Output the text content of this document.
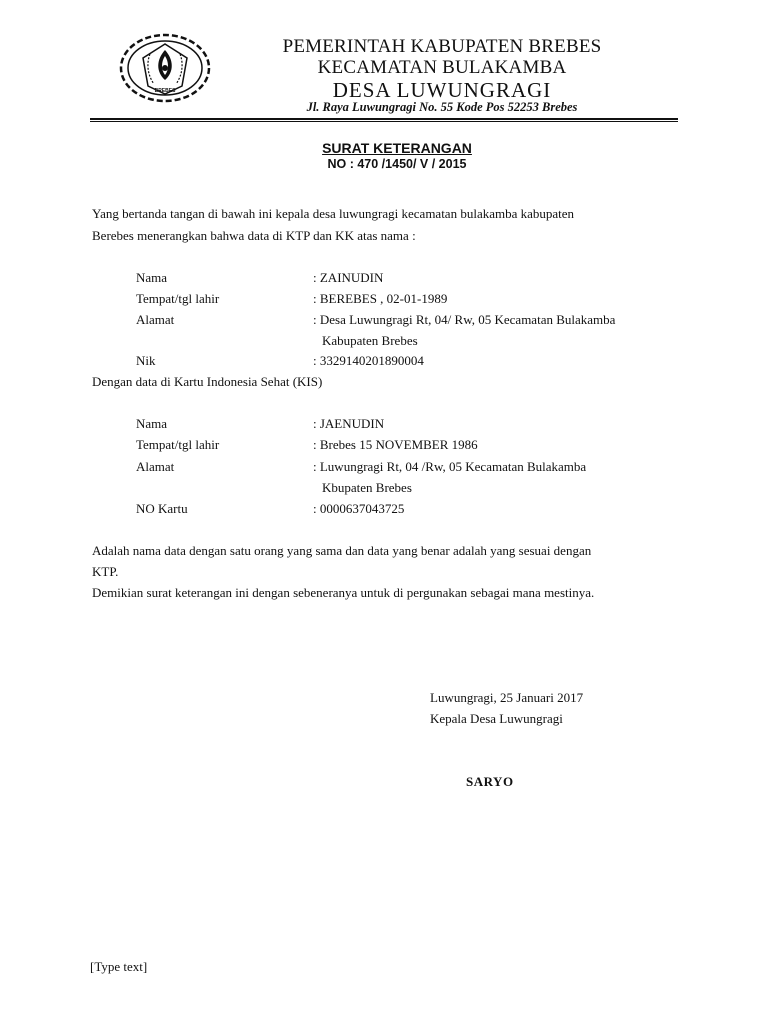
BREBES
PEMERINTAH KABUPATEN BREBES
KECAMATAN BULAKAMBA
DESA LUWUNGRAGI
Jl. Raya Luwungragi No. 55 Kode Pos 52253 Brebes
SURAT KETERANGAN
NO : 470 /1450/ V / 2015
Yang bertanda tangan di bawah ini kepala desa luwungragi kecamatan bulakamba kabupaten
Berebes menerangkan bahwa data di KTP dan KK atas nama :
Nama	: ZAINUDIN
Tempat/tgl lahir	: BEREBES , 02-01-1989
Alamat	: Desa Luwungragi Rt, 04/ Rw, 05 Kecamatan Bulakamba
Kabupaten Brebes
Nik	: 3329140201890004
Dengan data di Kartu Indonesia Sehat (KIS)
Nama	: JAENUDIN
Tempat/tgl lahir	: Brebes 15 NOVEMBER 1986
Alamat	: Luwungragi Rt, 04 /Rw, 05 Kecamatan Bulakamba
Kbupaten Brebes
NO Kartu	: 0000637043725
Adalah nama data dengan satu orang yang sama dan data yang benar adalah yang sesuai dengan
KTP.
Demikian surat keterangan ini dengan sebeneranya untuk di pergunakan sebagai mana mestinya.
Luwungragi, 25 Januari 2017
Kepala Desa Luwungragi
SARYO
[Type text]
